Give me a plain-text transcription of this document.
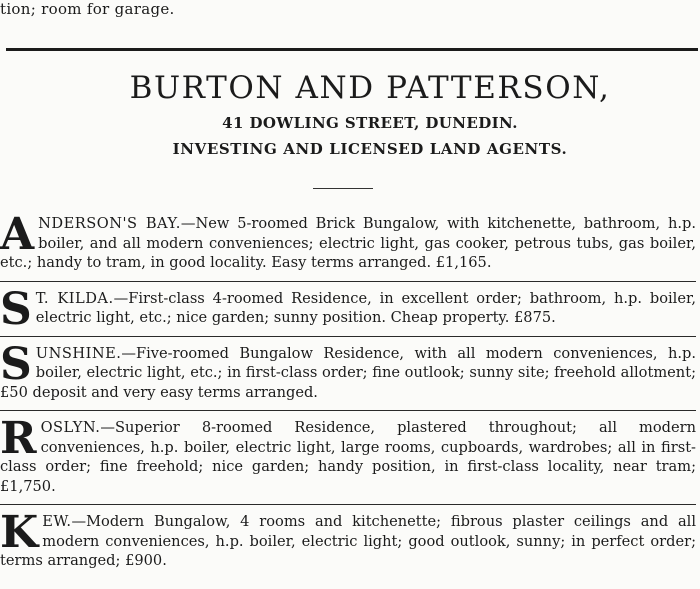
tion; room for garage.
BURTON AND PATTERSON,
41 DOWLING STREET, DUNEDIN.
INVESTING AND LICENSED LAND AGENTS.
ANDERSON'S BAY.—New 5-roomed Brick Bungalow, with kitchenette, bathroom, h.p. boiler, and all modern conveniences; electric light, gas cooker, petrous tubs, gas boiler, etc.; handy to tram, in good locality. Easy terms arranged. £1,165.
S T. KILDA.—First-class 4-roomed Residence, in excellent order; bathroom, h.p. boiler, electric light, etc.; nice garden; sunny position. Cheap property. £875.
SUNSHINE.—Five-roomed Bungalow Residence, with all modern conveniences, h.p. boiler, electric light, etc.; in first-class order; fine outlook; sunny site; freehold allotment; £50 deposit and very easy terms arranged.
ROSLYN.—Superior 8-roomed Residence, plastered throughout; all modern conveniences, h.p. boiler, electric light, large rooms, cupboards, wardrobes; all in first-class order; fine freehold; nice garden; handy position, in first-class locality, near tram; £1,750.
KEW.—Modern Bungalow, 4 rooms and kitchenette; fibrous plaster ceilings and all modern conveniences, h.p. boiler, electric light; good outlook, sunny; in perfect order; terms arranged; £900.
